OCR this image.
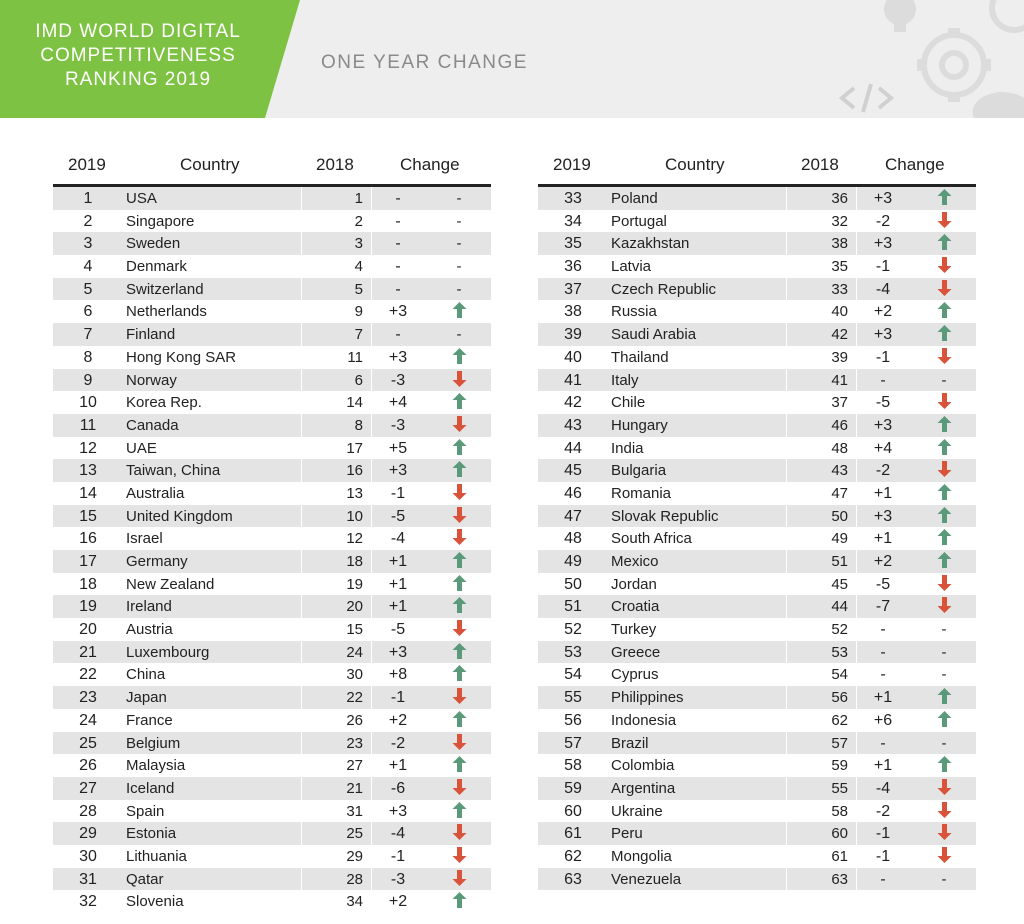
IMD WORLD DIGITAL
COMPETITIVENESS
RANKING 2019
ONE YEAR CHANGE
2019	Country	2018	Change
1	USA	1	-	-
2	Singapore	2	-	-
3	Sweden	3	-	-
4	Denmark	4	-	-
5	Switzerland	5	-	-
6	Netherlands	9	+3
7	Finland	7	-	-
8	Hong Kong SAR	11	+3
9	Norway	6	-3
10	Korea Rep.	14	+4
11	Canada	8	-3
12	UAE	17	+5
13	Taiwan, China	16	+3
14	Australia	13	-1
15	United Kingdom	10	-5
16	Israel	12	-4
17	Germany	18	+1
18	New Zealand	19	+1
19	Ireland	20	+1
20	Austria	15	-5
21	Luxembourg	24	+3
22	China	30	+8
23	Japan	22	-1
24	France	26	+2
25	Belgium	23	-2
26	Malaysia	27	+1
27	Iceland	21	-6
28	Spain	31	+3
29	Estonia	25	-4
30	Lithuania	29	-1
31	Qatar	28	-3
32	Slovenia	34	+2
2019	Country	2018	Change
33	Poland	36	+3
34	Portugal	32	-2
35	Kazakhstan	38	+3
36	Latvia	35	-1
37	Czech Republic	33	-4
38	Russia	40	+2
39	Saudi Arabia	42	+3
40	Thailand	39	-1
41	Italy	41	-	-
42	Chile	37	-5
43	Hungary	46	+3
44	India	48	+4
45	Bulgaria	43	-2
46	Romania	47	+1
47	Slovak Republic	50	+3
48	South Africa	49	+1
49	Mexico	51	+2
50	Jordan	45	-5
51	Croatia	44	-7
52	Turkey	52	-	-
53	Greece	53	-	-
54	Cyprus	54	-	-
55	Philippines	56	+1
56	Indonesia	62	+6
57	Brazil	57	-	-
58	Colombia	59	+1
59	Argentina	55	-4
60	Ukraine	58	-2
61	Peru	60	-1
62	Mongolia	61	-1
63	Venezuela	63	-	-
